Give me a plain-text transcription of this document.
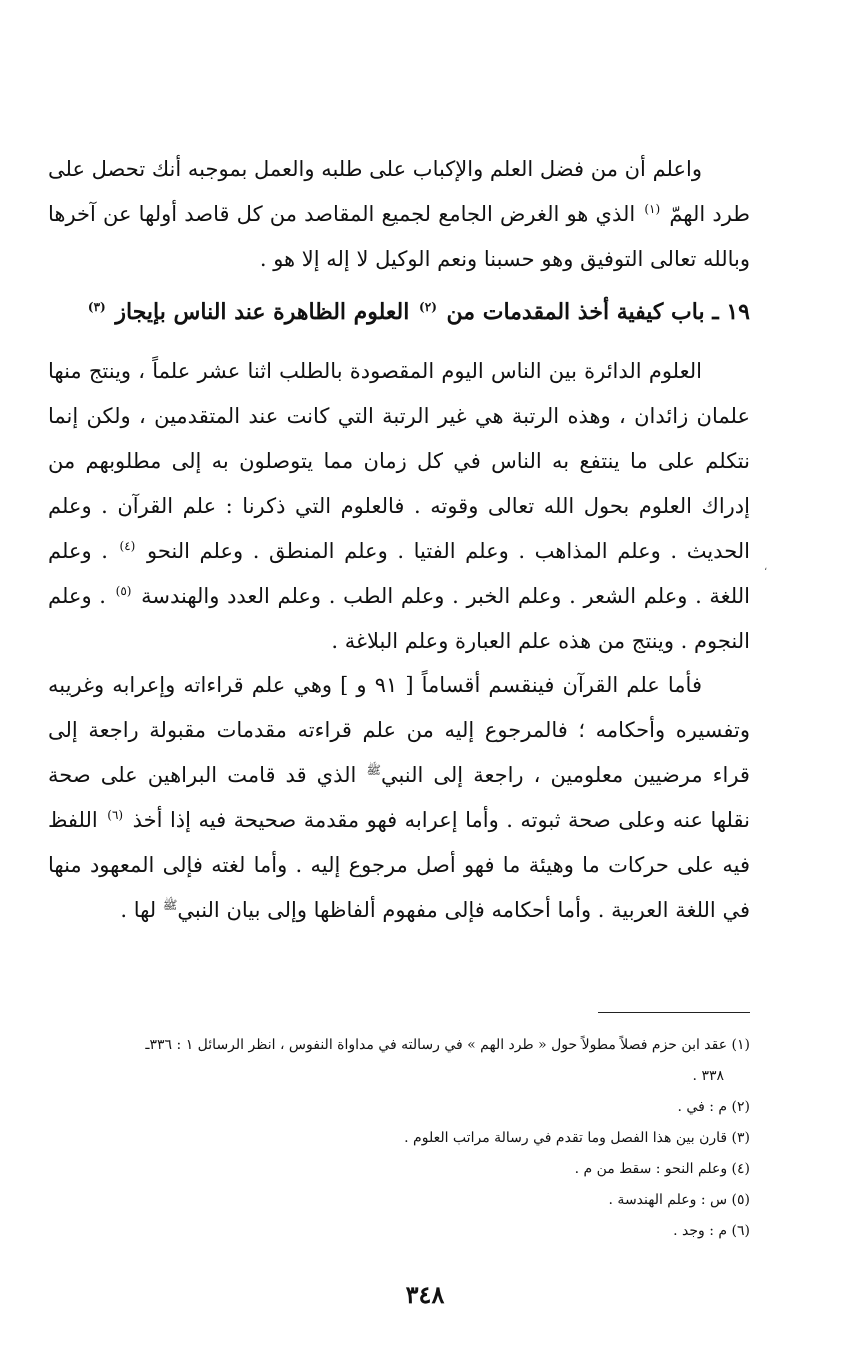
واعلم أن من فضل العلم والإكباب على طلبه والعمل بموجبه أنك تحصل على طرد الهمّ $^{(١)}$ الذي هو الغرض الجامع لجميع المقاصد من كل قاصد أولها عن آخرها وبالله تعالى التوفيق وهو حسبنا ونعم الوكيل لا إله إلا هو .

١٩ ـ باب كيفية أخذ المقدمات من $^{(٢)}$ العلوم الظاهرة عند الناس بإيجاز $^{(٣)}$

العلوم الدائرة بين الناس اليوم المقصودة بالطلب اثنا عشر علماً ، وينتج منها علمان زائدان ، وهذه الرتبة هي غير الرتبة التي كانت عند المتقدمين ، ولكن إنما نتكلم على ما ينتفع به الناس في كل زمان مما يتوصلون به إلى مطلوبهم من إدراك العلوم بحول الله تعالى وقوته . فالعلوم التي ذكرنا : علم القرآن . وعلم الحديث . وعلم المذاهب . وعلم الفتيا . وعلم المنطق . وعلم النحو $^{(٤)}$ . وعلم اللغة . وعلم الشعر . وعلم الخبر . وعلم الطب . وعلم العدد والهندسة $^{(٥)}$ . وعلم النجوم . وينتج من هذه علم العبارة وعلم البلاغة .

،

فأما علم القرآن فينقسم أقساماً [ ٩١ و ] وهي علم قراءاته وإعرابه وغريبه وتفسيره وأحكامه ؛ فالمرجوع إليه من علم قراءته مقدمات مقبولة راجعة إلى قراء مرضيين معلومين ، راجعة إلى النبي$^ﷺ$ الذي قد قامت البراهين على صحة نقلها عنه وعلى صحة ثبوته . وأما إعرابه فهو مقدمة صحيحة فيه إذا أخذ $^{(٦)}$ اللفظ فيه على حركات ما وهيئة ما فهو أصل مرجوع إليه . وأما لغته فإلى المعهود منها في اللغة العربية . وأما أحكامه فإلى مفهوم ألفاظها وإلى بيان النبي$^ﷺ$ لها .

(١) عقد ابن حزم فصلاً مطولاً حول « طرد الهم » في رسالته في مداواة النفوس ، انظر الرسائل ١ : ٣٣٦ـ
٣٣٨ .
(٢) م : في .
(٣) قارن بين هذا الفصل وما تقدم في رسالة مراتب العلوم .
(٤) وعلم النحو : سقط من م .
(٥) س : وعلم الهندسة .
(٦) م : وجد .
٣٤٨
